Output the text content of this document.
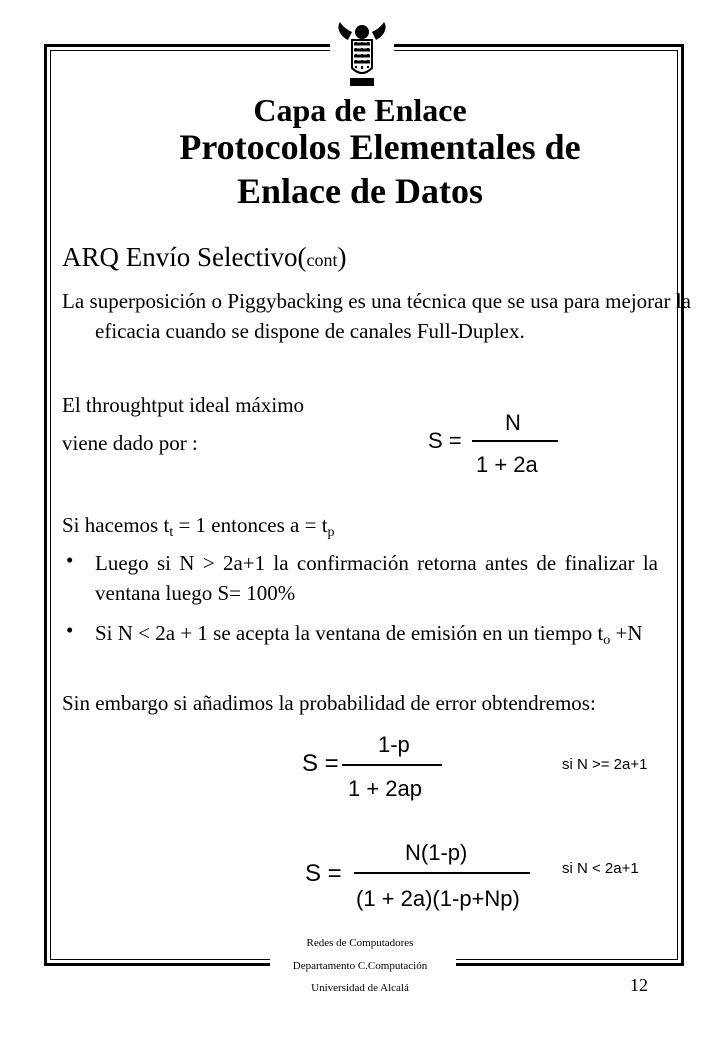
Capa de Enlace
Protocolos Elementales de
Enlace de Datos
ARQ Envío Selectivo(cont)
La superposición o Piggybacking es una técnica que se usa para mejorar la eficacia cuando se dispone de canales Full-Duplex.
El throughtput ideal máximo
viene dado por :	S =
N
1 + 2a
Si hacemos $t_t = 1$ entonces $a = t_p$
• Luego si N > 2a+1 la confirmación retorna antes de finalizar la ventana luego S= 100%
• Si N < 2a + 1 se acepta la ventana de emisión en un tiempo $t_o +N$
Sin embargo si añadimos la probabilidad de error obtendremos:
S =
1-p
1 + 2ap
si N >= 2a+1
S =
N(1-p)
(1 + 2a)(1-p+Np)
si N < 2a+1
Redes de Computadores
Departamento C.Computación
Universidad de Alcalá	12
